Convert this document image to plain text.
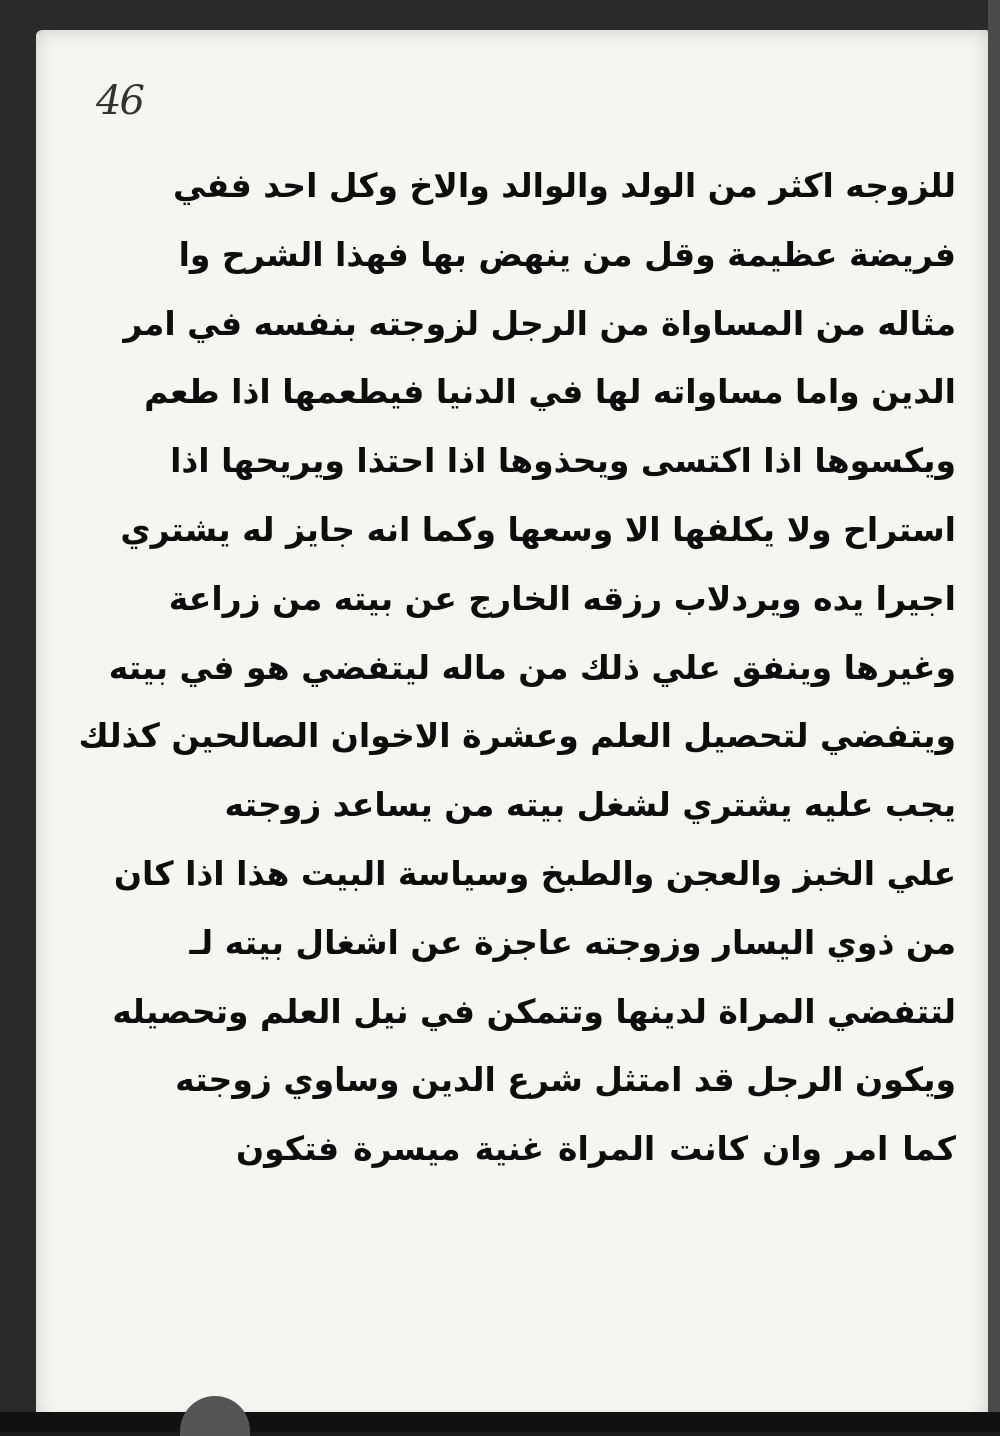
46
للزوجه اكثر من الولد والوالد والاخ وكل احد ففي
فريضة عظيمة وقل من ينهض بها فهذا الشرح وا
مثاله من المساواة من الرجل لزوجته بنفسه في امر
الدين واما مساواته لها في الدنيا فيطعمها اذا طعم
ويكسوها اذا اكتسى ويحذوها اذا احتذا ويريحها اذا
استراح ولا يكلفها الا وسعها وكما انه جايز له يشتري
اجيرا يده ويردلاب رزقه الخارج عن بيته من زراعة
وغيرها وينفق علي ذلك من ماله ليتفضي هو في بيته
ويتفضي لتحصيل العلم وعشرة الاخوان الصالحين كذلك
يجب عليه يشتري لشغل بيته من يساعد زوجته
علي الخبز والعجن والطبخ وسياسة البيت هذا اذا كان
من ذوي اليسار وزوجته عاجزة عن اشغال بيته لـ
لتتفضي المراة لدينها وتتمكن في نيل العلم وتحصيله
ويكون الرجل قد امتثل شرع الدين وساوي زوجته
كما امر وان كانت المراة غنية ميسرة فتكون
